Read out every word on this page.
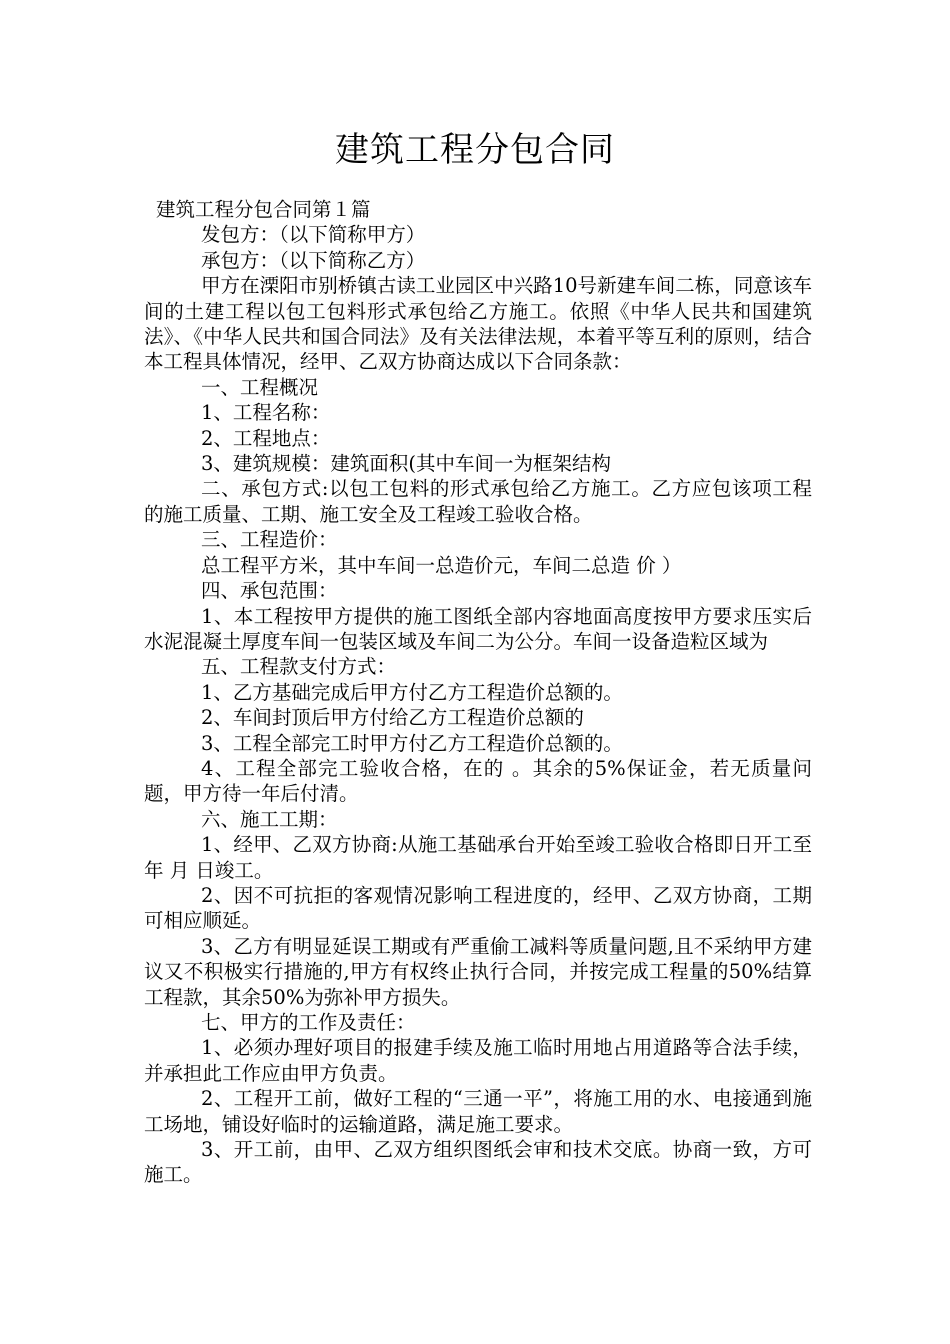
建筑工程分包合同

建筑工程分包合同第１篇

发包方：（以下简称甲方）

承包方：（以下简称乙方）

甲方在溧阳市别桥镇古读工业园区中兴路10号新建车间二栋，同意该车间的土建工程以包工包料形式承包给乙方施工。依照《中华人民共和国建筑法》、《中华人民共和国合同法》及有关法律法规，本着平等互利的原则，结合本工程具体情况，经甲、乙双方协商达成以下合同条款：

一、工程概况

1、工程名称：

2、工程地点：

3、建筑规模：建筑面积(其中车间一为框架结构

二、承包方式:以包工包料的形式承包给乙方施工。乙方应包该项工程的施工质量、工期、施工安全及工程竣工验收合格。

三、工程造价：

总工程平方米，其中车间一总造价元，车间二总造 价 ）

四、承包范围：

1、本工程按甲方提供的施工图纸全部内容地面高度按甲方要求压实后水泥混凝土厚度车间一包装区域及车间二为公分。车间一设备造粒区域为

五、工程款支付方式：

1、乙方基础完成后甲方付乙方工程造价总额的。

2、车间封顶后甲方付给乙方工程造价总额的

3、工程全部完工时甲方付乙方工程造价总额的。

4、工程全部完工验收合格，在的 。其余的5%保证金，若无质量问题，甲方待一年后付清。

六、施工工期：

1、经甲、乙双方协商:从施工基础承台开始至竣工验收合格即日开工至 年 月 日竣工。

2、因不可抗拒的客观情况影响工程进度的，经甲、乙双方协商，工期可相应顺延。

3、乙方有明显延误工期或有严重偷工减料等质量问题,且不采纳甲方建议又不积极实行措施的,甲方有权终止执行合同，并按完成工程量的50%结算工程款，其余50%为弥补甲方损失。

七、甲方的工作及责任：

1、必须办理好项目的报建手续及施工临时用地占用道路等合法手续，并承担此工作应由甲方负责。

2、工程开工前，做好工程的“三通一平”，将施工用的水、电接通到施工场地，铺设好临时的运输道路，满足施工要求。

3、开工前，由甲、乙双方组织图纸会审和技术交底。协商一致，方可施工。
